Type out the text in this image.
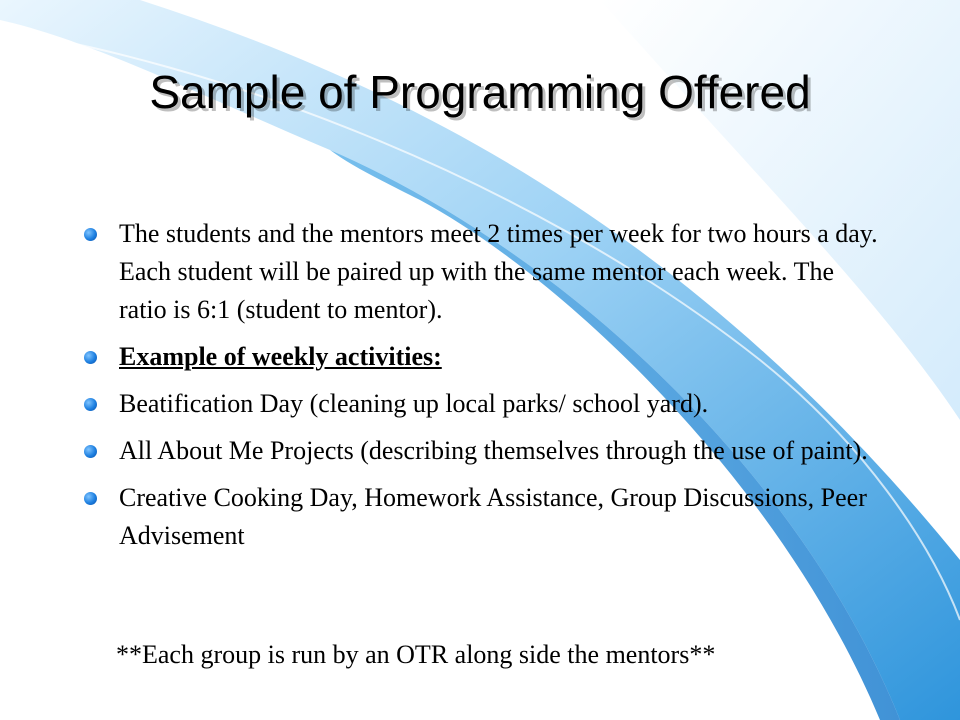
Sample of Programming Offered
The students and the mentors meet 2 times per week for two hours a day. Each student will be paired up with the same mentor each week. The ratio is 6:1 (student to mentor).
Example of weekly activities:
Beatification Day (cleaning up local parks/ school yard).
All About Me Projects (describing themselves through the use of paint).
Creative Cooking Day, Homework Assistance, Group Discussions, Peer Advisement
**Each group is run by an OTR along side the mentors**
